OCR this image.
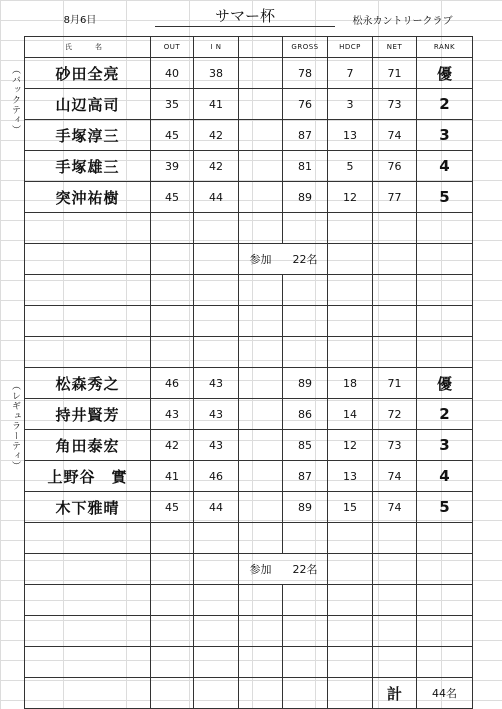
8月6日	サマー杯	松永カントリークラブ
（バックティ）
（レギュラーティ）
氏　名	OUT	I N		GROSS	HDCP	NET	RANK
砂田全亮	40	38		78	7	71	優
山辺高司	35	41		76	3	73	2
手塚淳三	45	42		87	13	74	3
手塚雄三	39	42		81	5	76	4
突沖祐樹	45	44		89	12	77	5

			参加	22名			

松森秀之	46	43		89	18	71	優
持井賢芳	43	43		86	14	72	2
角田泰宏	42	43		85	12	73	3
上野谷　實	41	46		87	13	74	4
木下雅晴	45	44		89	15	74	5

			参加	22名			

						計	44名
